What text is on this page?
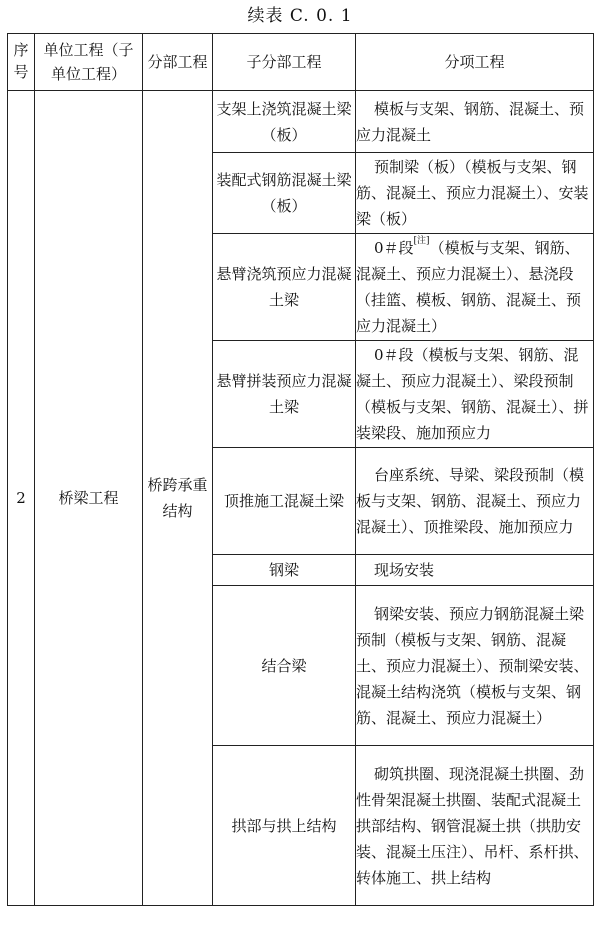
续表 C. 0. 1
序号	单位工程（子单位工程）	分部工程	子分部工程	分项工程
2	桥梁工程	桥跨承重结构	支架上浇筑混凝土梁（板）	模板与支架、钢筋、混凝土、预应力混凝土
			装配式钢筋混凝土梁（板）	预制梁（板）（模板与支架、钢筋、混凝土、预应力混凝土）、安装梁（板）
			悬臂浇筑预应力混凝土梁	0＃段[注]（模板与支架、钢筋、混凝土、预应力混凝土）、悬浇段（挂篮、模板、钢筋、混凝土、预应力混凝土）
			悬臂拼装预应力混凝土梁	0＃段（模板与支架、钢筋、混凝土、预应力混凝土）、梁段预制（模板与支架、钢筋、混凝土）、拼装梁段、施加预应力
			顶推施工混凝土梁	台座系统、导梁、梁段预制（模板与支架、钢筋、混凝土、预应力混凝土）、顶推梁段、施加预应力
			钢梁	现场安装
			结合梁	钢梁安装、预应力钢筋混凝土梁预制（模板与支架、钢筋、混凝土、预应力混凝土）、预制梁安装、混凝土结构浇筑（模板与支架、钢筋、混凝土、预应力混凝土）
			拱部与拱上结构	砌筑拱圈、现浇混凝土拱圈、劲性骨架混凝土拱圈、装配式混凝土拱部结构、钢管混凝土拱（拱肋安装、混凝土压注）、吊杆、系杆拱、转体施工、拱上结构
